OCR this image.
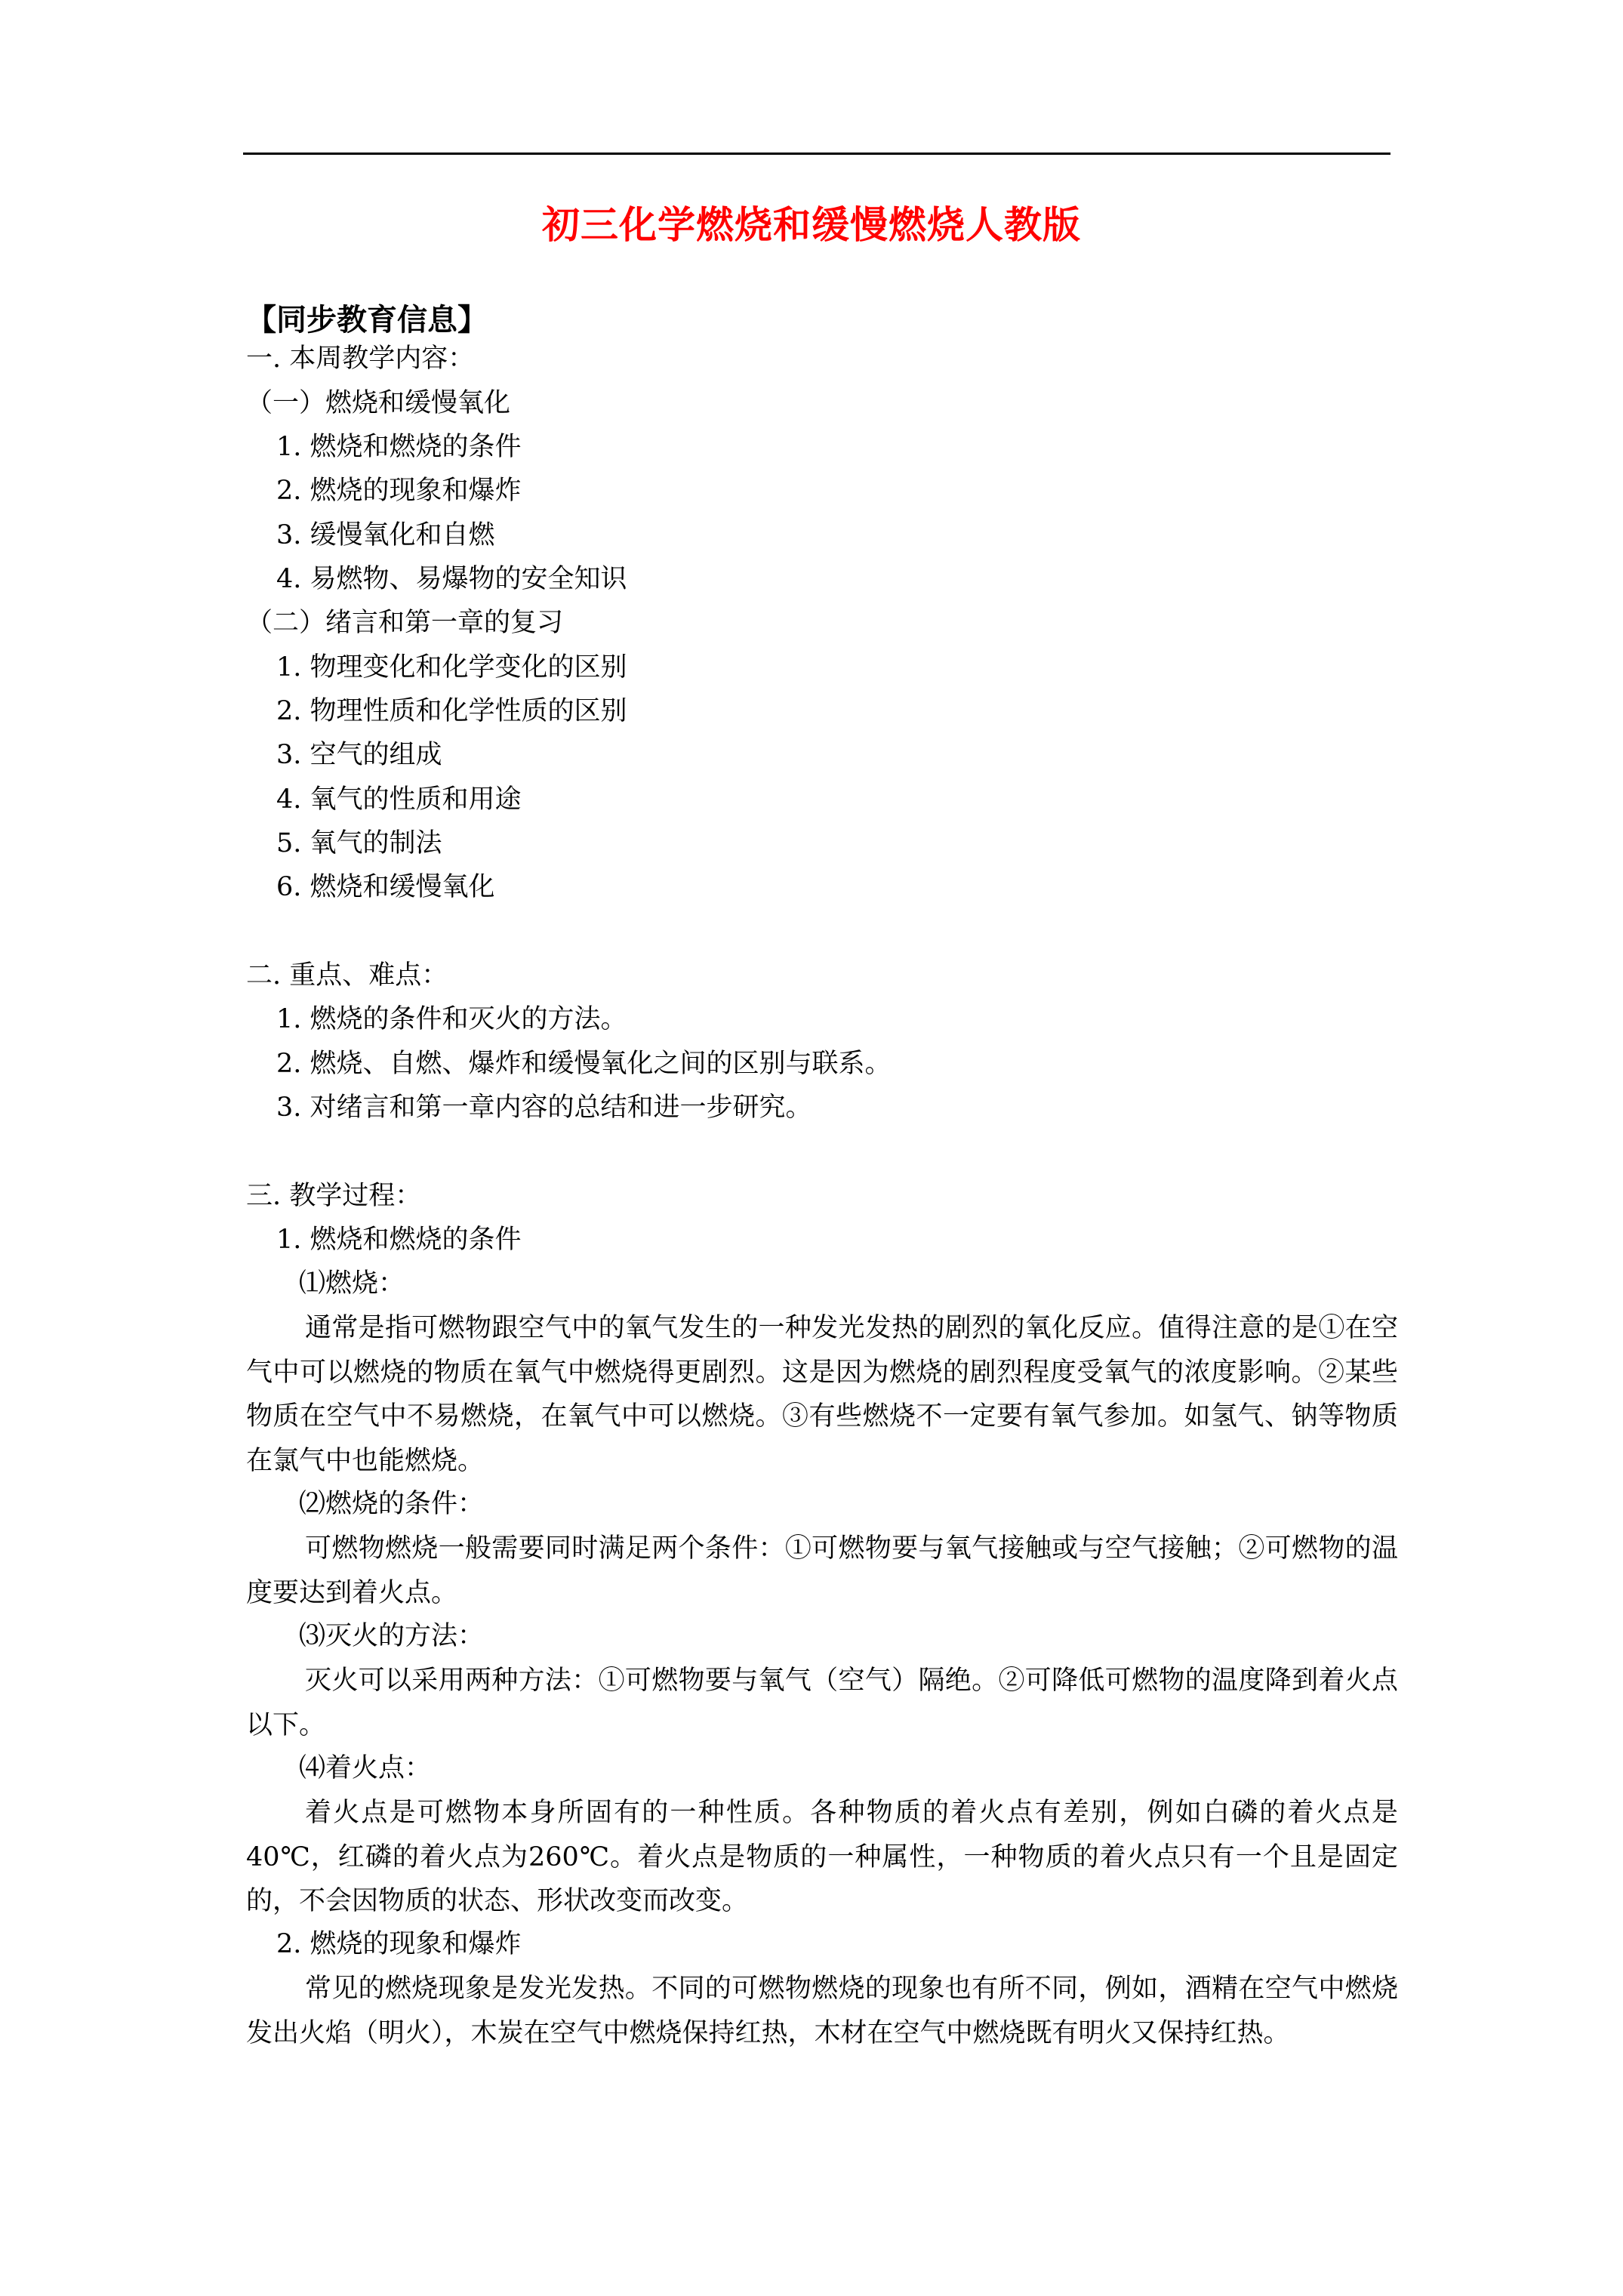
初三化学燃烧和缓慢燃烧人教版
【同步教育信息】
一. 本周教学内容：
（一）燃烧和缓慢氧化
1. 燃烧和燃烧的条件
2. 燃烧的现象和爆炸
3. 缓慢氧化和自燃
4. 易燃物、易爆物的安全知识
（二）绪言和第一章的复习
1. 物理变化和化学变化的区别
2. 物理性质和化学性质的区别
3. 空气的组成
4. 氧气的性质和用途
5. 氧气的制法
6. 燃烧和缓慢氧化
二. 重点、难点：
1. 燃烧的条件和灭火的方法。
2. 燃烧、自燃、爆炸和缓慢氧化之间的区别与联系。
3. 对绪言和第一章内容的总结和进一步研究。
三. 教学过程：
1. 燃烧和燃烧的条件
⑴燃烧：
通常是指可燃物跟空气中的氧气发生的一种发光发热的剧烈的氧化反应。值得注意的是①在空气中可以燃烧的物质在氧气中燃烧得更剧烈。这是因为燃烧的剧烈程度受氧气的浓度影响。②某些物质在空气中不易燃烧，在氧气中可以燃烧。③有些燃烧不一定要有氧气参加。如氢气、钠等物质在氯气中也能燃烧。
⑵燃烧的条件：
可燃物燃烧一般需要同时满足两个条件：①可燃物要与氧气接触或与空气接触；②可燃物的温度要达到着火点。
⑶灭火的方法：
灭火可以采用两种方法：①可燃物要与氧气（空气）隔绝。②可降低可燃物的温度降到着火点以下。
⑷着火点：
着火点是可燃物本身所固有的一种性质。各种物质的着火点有差别，例如白磷的着火点是40℃，红磷的着火点为260℃。着火点是物质的一种属性，一种物质的着火点只有一个且是固定的，不会因物质的状态、形状改变而改变。
2. 燃烧的现象和爆炸
常见的燃烧现象是发光发热。不同的可燃物燃烧的现象也有所不同，例如，酒精在空气中燃烧发出火焰（明火），木炭在空气中燃烧保持红热，木材在空气中燃烧既有明火又保持红热。
